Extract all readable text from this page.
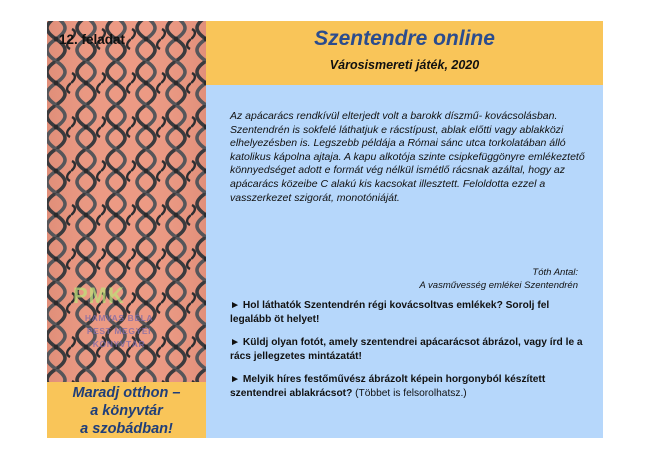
12. feladat
PMK
HAMVAS BÉLA
PEST MEGYEI
KÖNYVTÁR
Maradj otthon –
a könyvtár
a szobádban!
Szentendre online
Városismereti játék, 2020
Az apácarács rendkívül elterjedt volt a barokk díszmű- kovácsolásban. Szentendrén is sokfelé láthatjuk e rácstípust, ablak előtti vagy ablakközi elhelyezésben is. Legszebb példája a Római sánc utca torkolatában álló katolikus kápolna ajtaja. A kapu alkotója szinte csipkefüggönyre emlékeztető könnyedséget adott e formát vég nélkül ismétlő rácsnak azáltal, hogy az apácarács közeibe C alakú kis kacsokat illesztett. Feloldotta ezzel a vasszerkezet szigorát, monotóniáját.
Tóth Antal:
A vasművesség emlékei Szentendrén
► Hol láthatók Szentendrén régi kovácsoltvas emlékek? Sorolj fel legalább öt helyet!
► Küldj olyan fotót, amely szentendrei apácarácsot ábrázol, vagy írd le a rács jellegzetes mintázatát!
► Melyik híres festőművész ábrázolt képein horgonyból készített szentendrei ablakrácsot? (Többet is felsorolhatsz.)
